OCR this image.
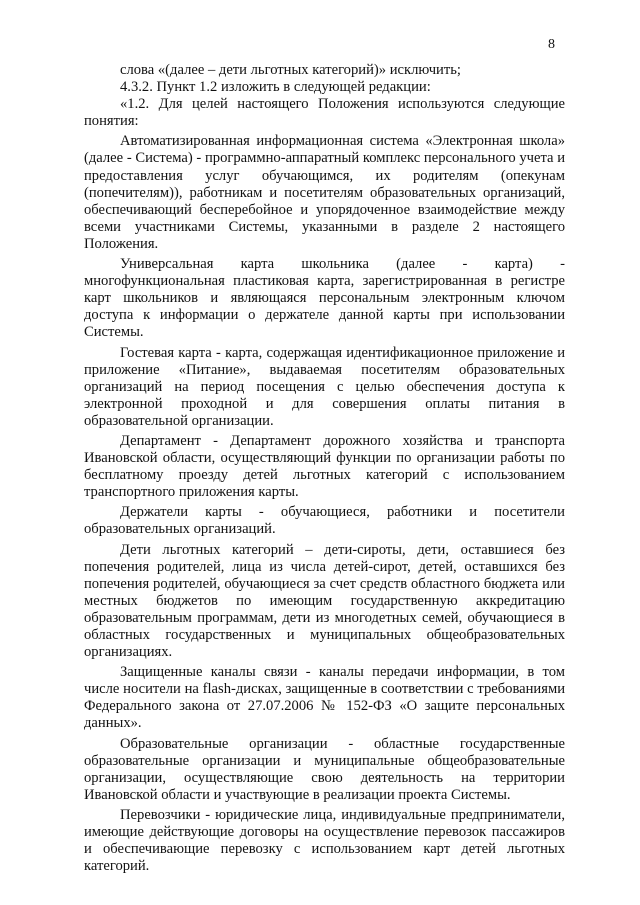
8

слова «(далее – дети льготных категорий)» исключить;

4.3.2. Пункт 1.2 изложить в следующей редакции:

«1.2. Для целей настоящего Положения используются следующие понятия:

Автоматизированная информационная система «Электронная школа» (далее - Система) - программно-аппаратный комплекс персонального учета и предоставления услуг обучающимся, их родителям (опекунам (попечителям)), работникам и посетителям образовательных организаций, обеспечивающий бесперебойное и упорядоченное взаимодействие между всеми участниками Системы, указанными в разделе 2 настоящего Положения.

Универсальная карта школьника (далее - карта) - многофункциональная пластиковая карта, зарегистрированная в регистре карт школьников и являющаяся персональным электронным ключом доступа к информации о держателе данной карты при использовании Системы.

Гостевая карта - карта, содержащая идентификационное приложение и приложение «Питание», выдаваемая посетителям образовательных организаций на период посещения с целью обеспечения доступа к электронной проходной и для совершения оплаты питания в образовательной организации.

Департамент - Департамент дорожного хозяйства и транспорта Ивановской области, осуществляющий функции по организации работы по бесплатному проезду детей льготных категорий с использованием транспортного приложения карты.

Держатели карты - обучающиеся, работники и посетители образовательных организаций.

Дети льготных категорий – дети-сироты, дети, оставшиеся без попечения родителей, лица из числа детей-сирот, детей, оставшихся без попечения родителей, обучающиеся за счет средств областного бюджета или местных бюджетов по имеющим государственную аккредитацию образовательным программам, дети из многодетных семей, обучающиеся в областных государственных и муниципальных общеобразовательных организациях.

Защищенные каналы связи - каналы передачи информации, в том числе носители на flash-дисках, защищенные в соответствии с требованиями Федерального закона от 27.07.2006 № 152-ФЗ «О защите персональных данных».

Образовательные организации - областные государственные образовательные организации и муниципальные общеобразовательные организации, осуществляющие свою деятельность на территории Ивановской области и участвующие в реализации проекта Системы.

Перевозчики - юридические лица, индивидуальные предприниматели, имеющие действующие договоры на осуществление перевозок пассажиров и обеспечивающие перевозку с использованием карт детей льготных категорий.
